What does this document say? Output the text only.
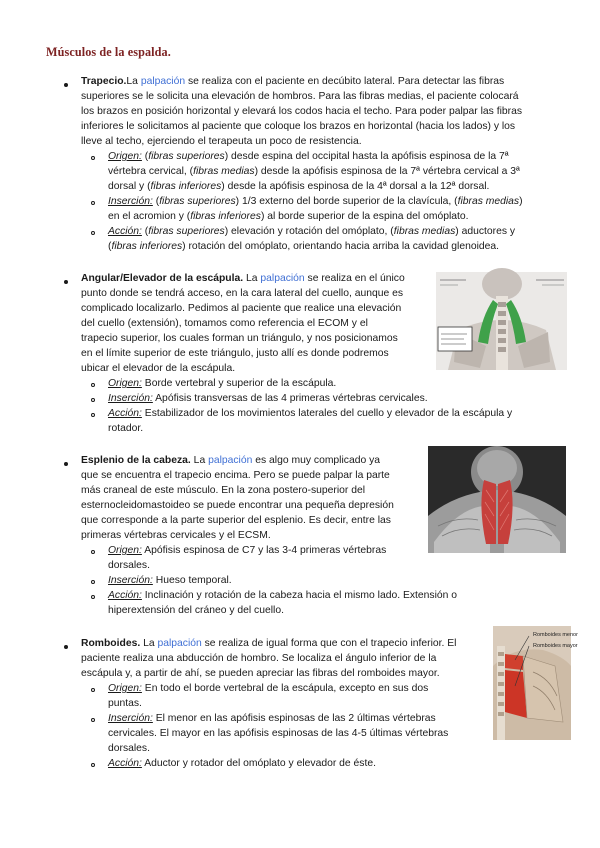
Músculos de la espalda.
Trapecio.La palpación se realiza con el paciente en decúbito lateral. Para detectar las fibras
superiores se le solicita una elevación de hombros. Para las fibras medias, el paciente colocará
los brazos en posición horizontal y elevará los codos hacia el techo. Para poder palpar las fibras
inferiores le solicitamos al paciente que coloque los brazos en horizontal (hacia los lados) y los
lleve al techo, ejerciendo el terapeuta un poco de resistencia.
Origen: (fibras superiores) desde espina del occipital hasta la apófisis espinosa de la 7ª
vértebra cervical, (fibras medias) desde la apófisis espinosa de la 7ª vértebra cervical a 3ª
dorsal y (fibras inferiores) desde la apófisis espinosa de la 4ª dorsal a la 12ª dorsal.
Inserción: (fibras superiores) 1/3 externo del borde superior de la clavícula, (fibras medias)
en el acromion y (fibras inferiores) al borde superior de la espina del omóplato.
Acción: (fibras superiores) elevación y rotación del omóplato, (fibras medias) aductores y
(fibras inferiores) rotación del omóplato, orientando hacia arriba la cavidad glenoidea.
Angular/Elevador de la escápula. La palpación se realiza en el único
punto donde se tendrá acceso, en la cara lateral del cuello, aunque es
complicado localizarlo. Pedimos al paciente que realice una elevación
del cuello (extensión), tomamos como referencia el ECOM y el
trapecio superior, los cuales forman un triángulo, y nos posicionamos
en el límite superior de este triángulo, justo allí es donde podremos
ubicar el elevador de la escápula.
Origen: Borde vertebral y superior de la escápula.
Inserción: Apófisis transversas de las 4 primeras vértebras cervicales.
Acción: Estabilizador de los movimientos laterales del cuello y elevador de la escápula y
rotador.
Esplenio de la cabeza. La palpación es algo muy complicado ya
que se encuentra el trapecio encima. Pero se puede palpar la parte
más craneal de este músculo. En la zona postero-superior del
esternocleidomastoideo se puede encontrar una pequeña depresión
que corresponde a la parte superior del esplenio. Es decir, entre las
primeras vértebras cervicales y el ECSM.
Origen: Apófisis espinosa de C7 y las 3-4 primeras vértebras
dorsales.
Inserción: Hueso temporal.
Acción: Inclinación y rotación de la cabeza hacia el mismo lado. Extensión o
hiperextensión del cráneo y del cuello.
Romboides. La palpación se realiza de igual forma que con el trapecio inferior. El
paciente realiza una abducción de hombro. Se localiza el ángulo inferior de la
escápula y, a partir de ahí, se pueden apreciar las fibras del romboides mayor.
Origen: En todo el borde vertebral de la escápula, excepto en sus dos
puntas.
Inserción: El menor en las apófisis espinosas de las 2 últimas vértebras
cervicales. El mayor en las apófisis espinosas de las 4-5 últimas vértebras
dorsales.
Acción: Aductor y rotador del omóplato y elevador de éste.
Romboides menor
Romboides mayor
